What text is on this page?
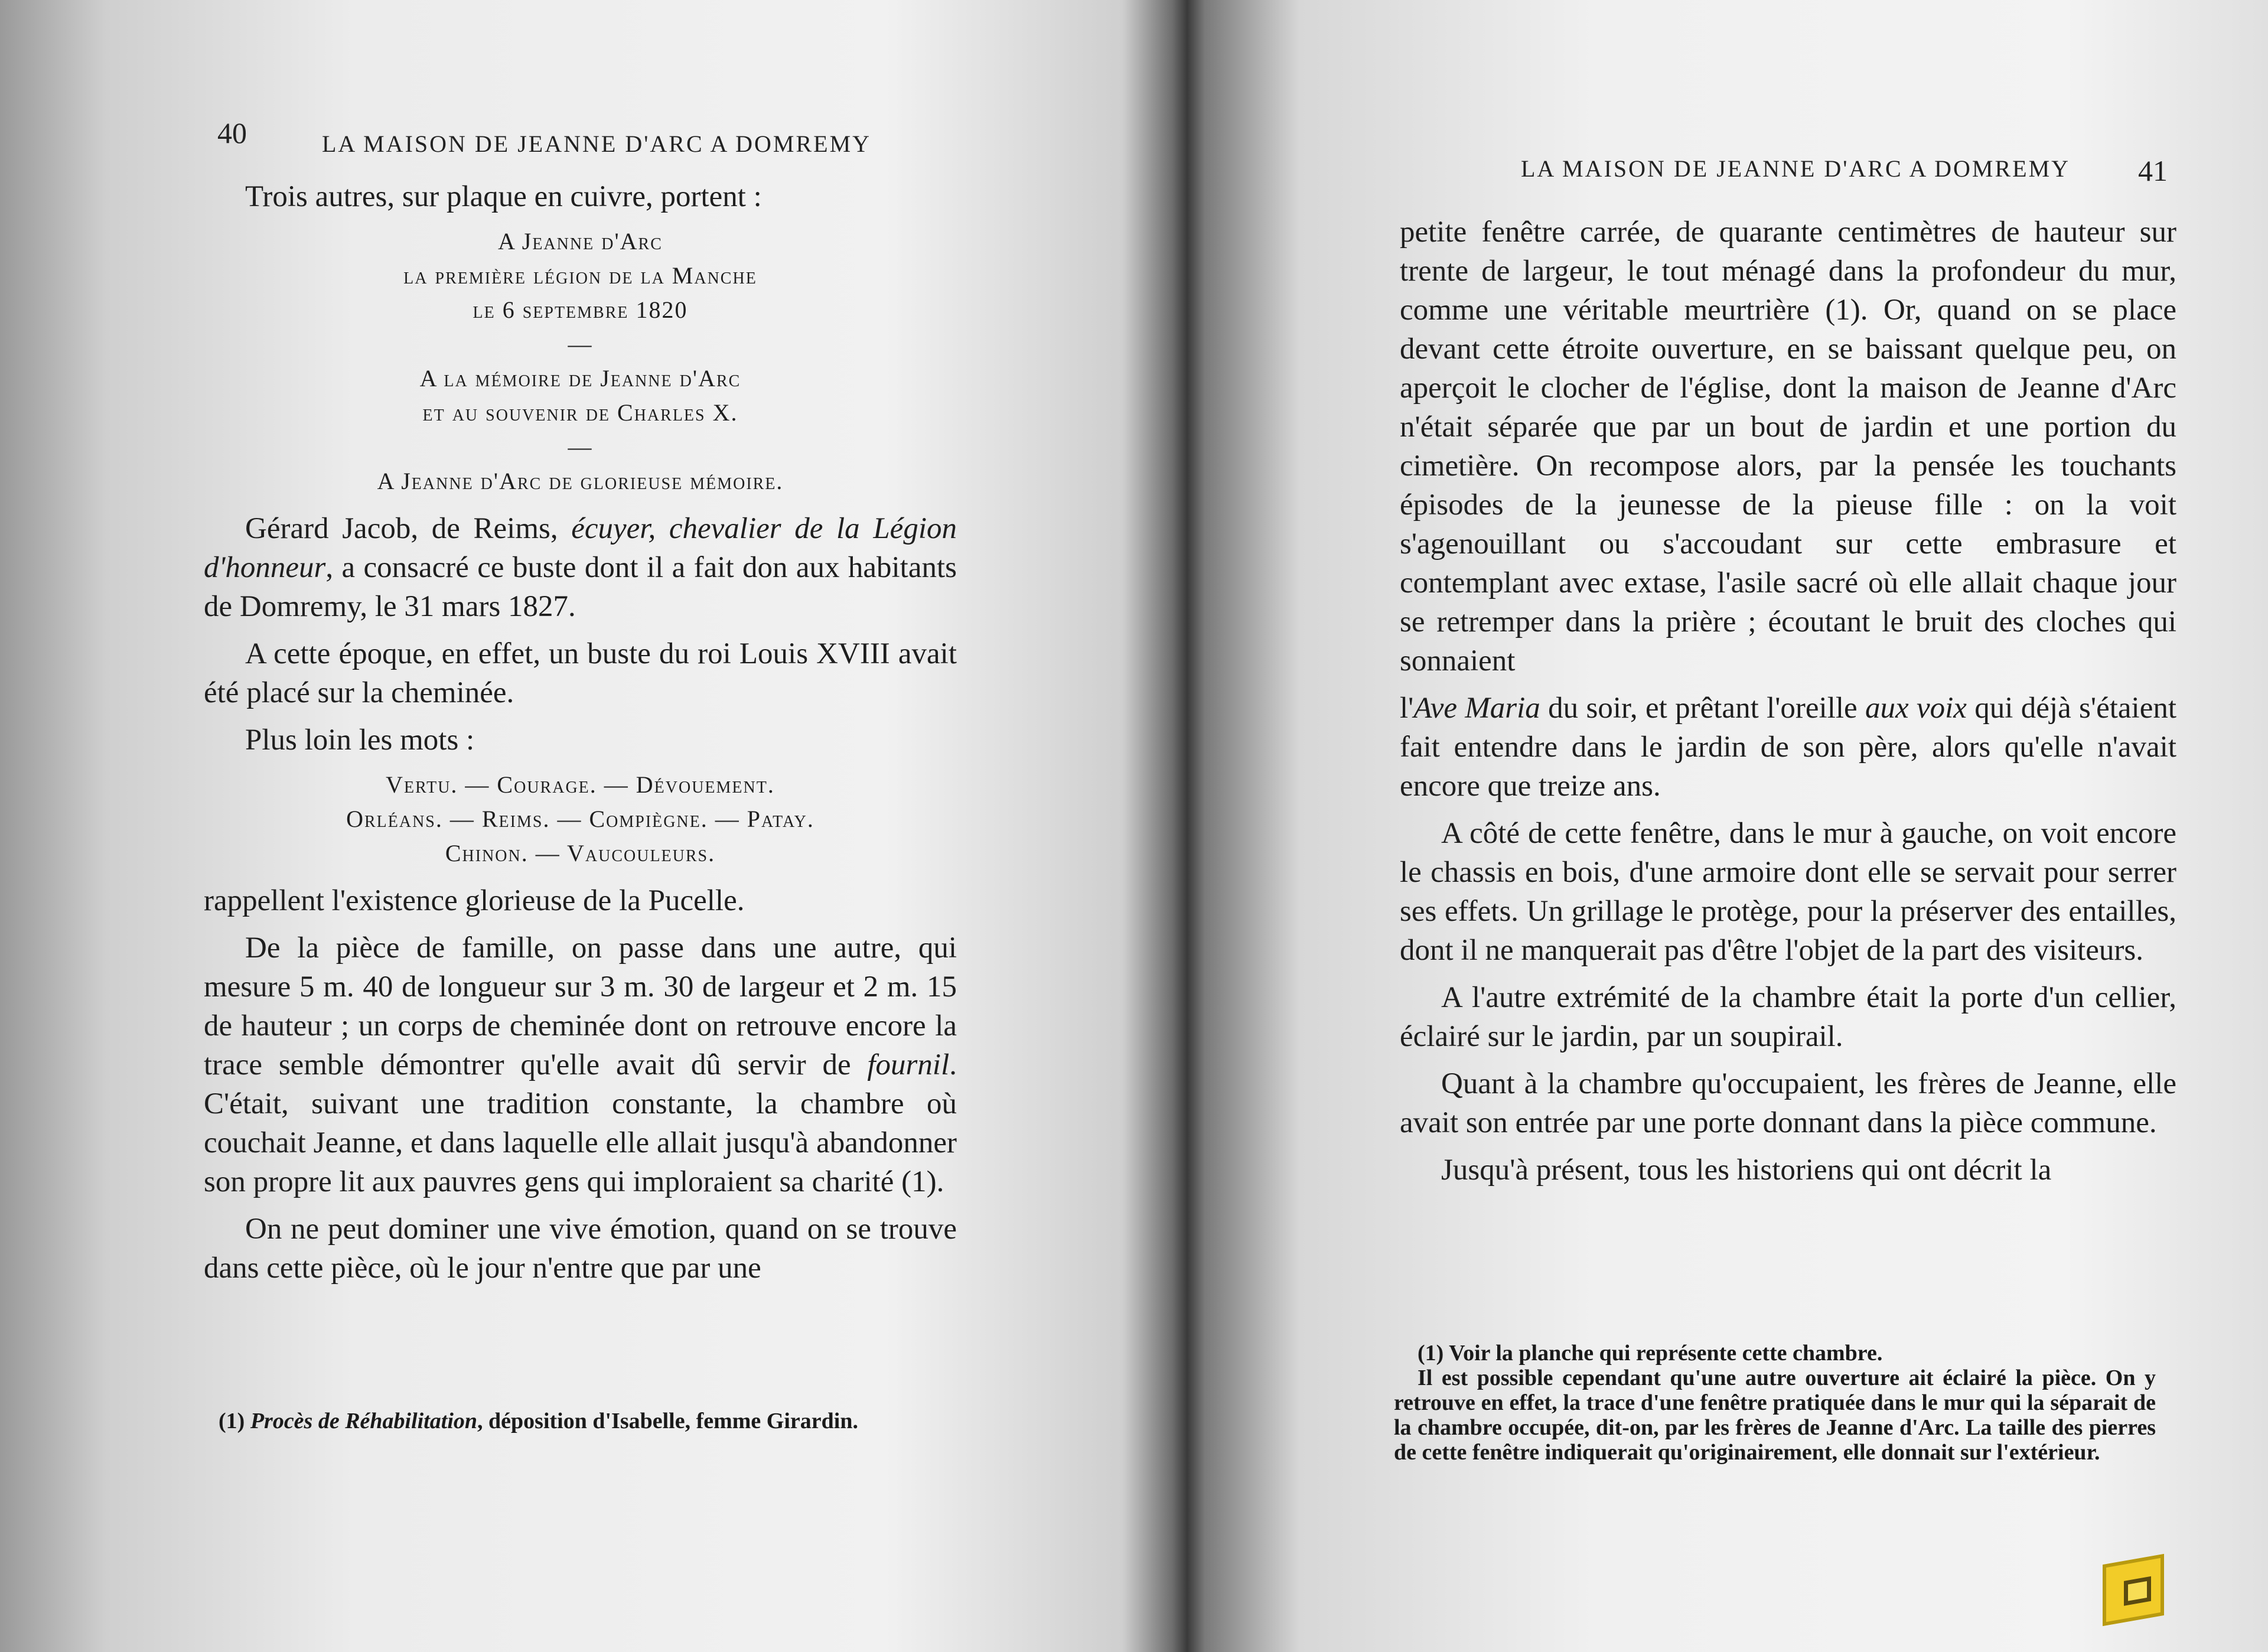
40	LA MAISON DE JEANNE D'ARC A DOMREMY

Trois autres, sur plaque en cuivre, portent :

A Jeanne d'Arc
la première légion de la Manche
le 6 septembre 1820
—
A la mémoire de Jeanne d'Arc
et au souvenir de Charles X.
—
A Jeanne d'Arc de glorieuse mémoire.

Gérard Jacob, de Reims, écuyer, chevalier de la Légion d'honneur, a consacré ce buste dont il a fait don aux habitants de Domremy, le 31 mars 1827.

A cette époque, en effet, un buste du roi Louis XVIII avait été placé sur la cheminée.

Plus loin les mots :

Vertu. — Courage. — Dévouement.
Orléans. — Reims. — Compiègne. — Patay.
Chinon. — Vaucouleurs.

rappellent l'existence glorieuse de la Pucelle.

De la pièce de famille, on passe dans une autre, qui mesure 5 m. 40 de longueur sur 3 m. 30 de largeur et 2 m. 15 de hauteur ; un corps de cheminée dont on retrouve encore la trace semble démontrer qu'elle avait dû servir de fournil. C'était, suivant une tradition constante, la chambre où couchait Jeanne, et dans laquelle elle allait jusqu'à abandonner son propre lit aux pauvres gens qui imploraient sa charité (1).

On ne peut dominer une vive émotion, quand on se trouve dans cette pièce, où le jour n'entre que par une

(1) Procès de Réhabilitation, déposition d'Isabelle, femme Girardin.

LA MAISON DE JEANNE D'ARC A DOMREMY 41

petite fenêtre carrée, de quarante centimètres de hauteur sur trente de largeur, le tout ménagé dans la profondeur du mur, comme une véritable meurtrière (1). Or, quand on se place devant cette étroite ouverture, en se baissant quelque peu, on aperçoit le clocher de l'église, dont la maison de Jeanne d'Arc n'était séparée que par un bout de jardin et une portion du cimetière. On recompose alors, par la pensée les touchants épisodes de la jeunesse de la pieuse fille : on la voit s'agenouillant ou s'accoudant sur cette embrasure et contemplant avec extase, l'asile sacré où elle allait chaque jour se retremper dans la prière ; écoutant le bruit des cloches qui sonnaient

l'Ave Maria du soir, et prêtant l'oreille aux voix qui déjà s'étaient fait entendre dans le jardin de son père, alors qu'elle n'avait encore que treize ans.

A côté de cette fenêtre, dans le mur à gauche, on voit encore le chassis en bois, d'une armoire dont elle se servait pour serrer ses effets. Un grillage le protège, pour la préserver des entailles, dont il ne manquerait pas d'être l'objet de la part des visiteurs.

A l'autre extrémité de la chambre était la porte d'un cellier, éclairé sur le jardin, par un soupirail.

Quant à la chambre qu'occupaient, les frères de Jeanne, elle avait son entrée par une porte donnant dans la pièce commune.

Jusqu'à présent, tous les historiens qui ont décrit la

(1) Voir la planche qui représente cette chambre.

Il est possible cependant qu'une autre ouverture ait éclairé la pièce. On y retrouve en effet, la trace d'une fenêtre pratiquée dans le mur qui la séparait de la chambre occupée, dit-on, par les frères de Jeanne d'Arc. La taille des pierres de cette fenêtre indiquerait qu'originairement, elle donnait sur l'extérieur.
